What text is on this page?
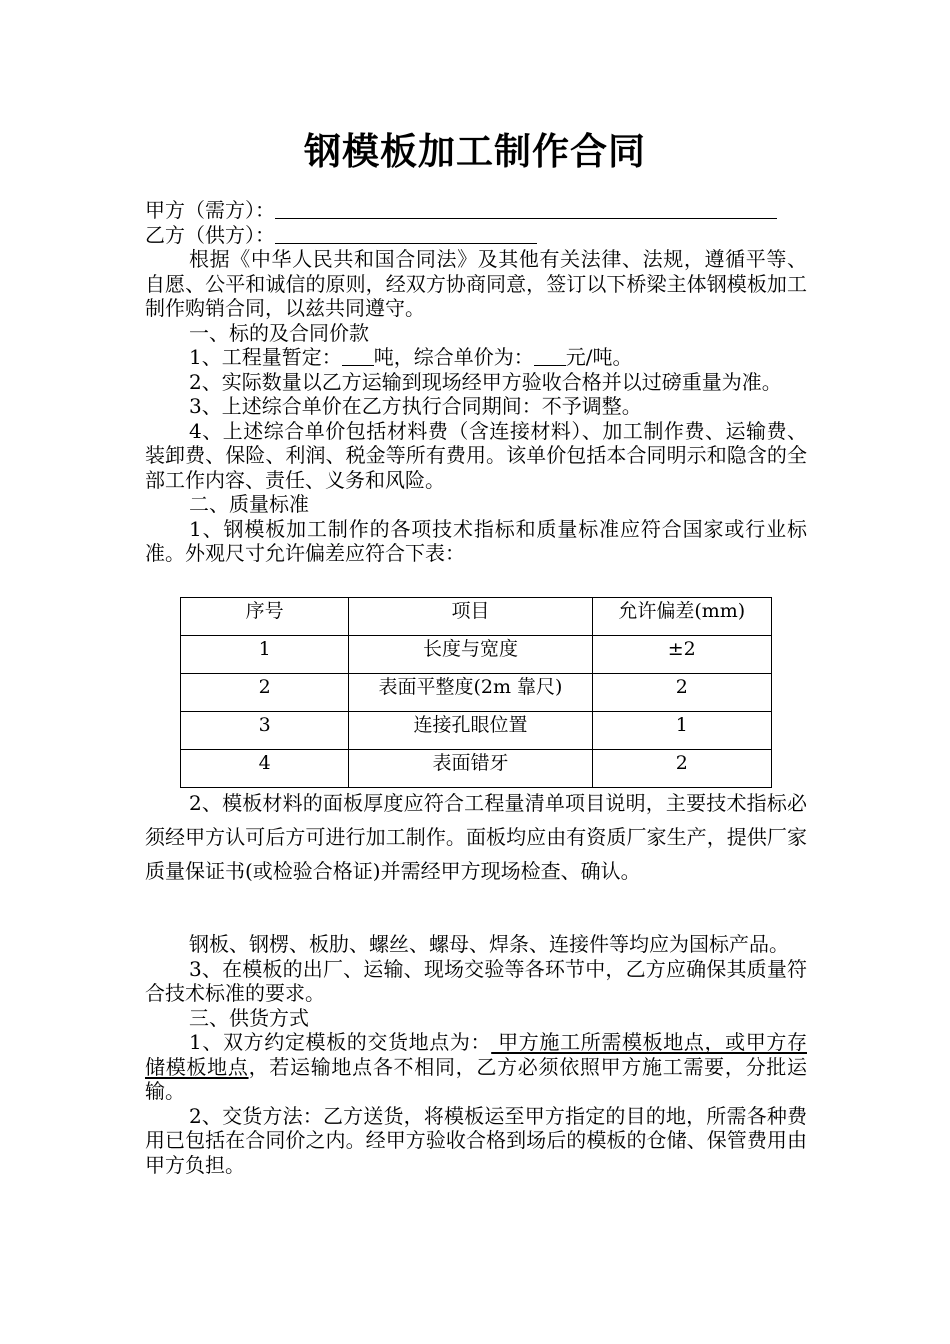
钢模板加工制作合同
甲方（需方）：
乙方（供方）：

根据《中华人民共和国合同法》及其他有关法律、法规，遵循平等、自愿、公平和诚信的原则，经双方协商同意，签订以下桥梁主体钢模板加工制作购销合同，以兹共同遵守。

一、标的及合同价款

1、工程量暂定： 吨，综合单价为： 元/吨。

2、实际数量以乙方运输到现场经甲方验收合格并以过磅重量为准。

3、上述综合单价在乙方执行合同期间：不予调整。

4、上述综合单价包括材料费（含连接材料）、加工制作费、运输费、装卸费、保险、利润、税金等所有费用。该单价包括本合同明示和隐含的全部工作内容、责任、义务和风险。

二、质量标准

1、钢模板加工制作的各项技术指标和质量标准应符合国家或行业标准。外观尺寸允许偏差应符合下表：

序号	项目	允许偏差(mm)
1	长度与宽度	±2
2	表面平整度(2m 靠尺)	2
3	连接孔眼位置	1
4	表面错牙	2

2、模板材料的面板厚度应符合工程量清单项目说明，主要技术指标必须经甲方认可后方可进行加工制作。面板均应由有资质厂家生产，提供厂家质量保证书(或检验合格证)并需经甲方现场检查、确认。

钢板、钢楞、板肋、螺丝、螺母、焊条、连接件等均应为国标产品。

3、在模板的出厂、运输、现场交验等各环节中，乙方应确保其质量符合技术标准的要求。

三、供货方式

1、双方约定模板的交货地点为： 甲方施工所需模板地点，或甲方存储模板地点，若运输地点各不相同，乙方必须依照甲方施工需要，分批运输。

2、交货方法：乙方送货，将模板运至甲方指定的目的地，所需各种费用已包括在合同价之内。经甲方验收合格到场后的模板的仓储、保管费用由甲方负担。
